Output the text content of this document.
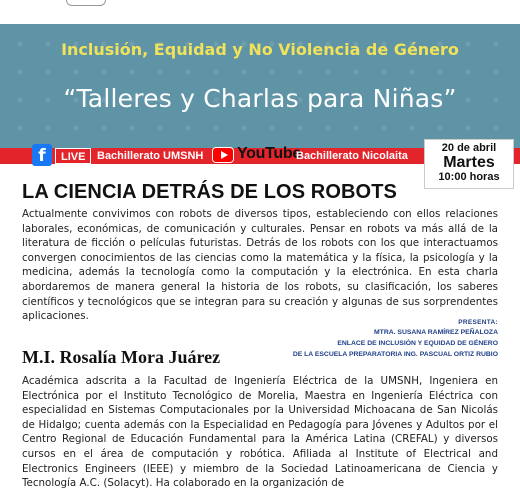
Inclusión, Equidad y No Violencia de Género
“Talleres y Charlas para Niñas”
f	LIVE	Bachillerato UMSNH YouTube
Bachillerato Nicolaita
20 de abril
Martes
10:00 horas
LA CIENCIA DETRÁS DE LOS ROBOTS
Actualmente convivimos con robots de diversos tipos, estableciendo con ellos relaciones laborales, económicas, de comunicación y culturales. Pensar en robots va más allá de la literatura de ficción o películas futuristas. Detrás de los robots con los que interactuamos convergen conocimientos de las ciencias como la matemática y la física, la psicología y la medicina, además la tecnología como la computación y la electrónica. En esta charla abordaremos de manera general la historia de los robots, su clasificación, los saberes científicos y tecnológicos que se integran para su creación y algunas de sus sorprendentes aplicaciones.
PRESENTA:
MTRA. SUSANA RAMÍREZ PEÑALOZA
ENLACE DE INCLUSIÓN Y EQUIDAD DE GÉNERO
DE LA ESCUELA PREPARATORIA ING. PASCUAL ORTIZ RUBIO
M.I. Rosalía Mora Juárez
Académica adscrita a la Facultad de Ingeniería Eléctrica de la UMSNH, Ingeniera en Electrónica por el Instituto Tecnológico de Morelia, Maestra en Ingeniería Eléctrica con especialidad en Sistemas Computacionales por la Universidad Michoacana de San Nicolás de Hidalgo; cuenta además con la Especialidad en Pedagogía para Jóvenes y Adultos por el Centro Regional de Educación Fundamental para la América Latina (CREFAL) y diversos cursos en el área de computación y robótica. Afiliada al Institute of Electrical and Electronics Engineers (IEEE) y miembro de la Sociedad Latinoamericana de Ciencia y Tecnología A.C. (Solacyt). Ha colaborado en la organización de
